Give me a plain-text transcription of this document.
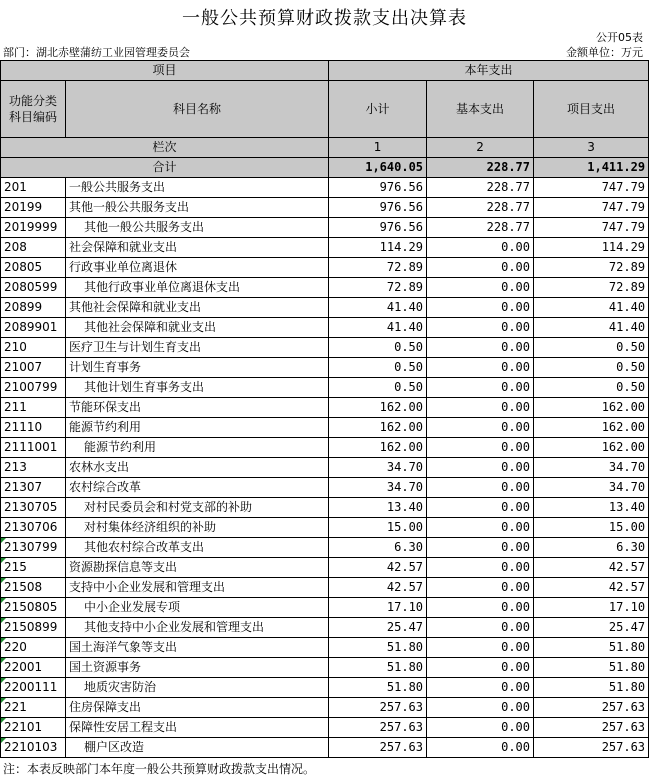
一般公共预算财政拨款支出决算表
公开05表
部门：湖北赤壁蒲纺工业园管理委员会	金额单位：万元
项目		本年支出		
功能分类
科目编码	科目名称	小计	基本支出	项目支出
栏次		1	2	3
合计		1,640.05	228.77	1,411.29
201	一般公共服务支出	976.56	228.77	747.79
20199	其他一般公共服务支出	976.56	228.77	747.79
2019999	其他一般公共服务支出	976.56	228.77	747.79
208	社会保障和就业支出	114.29	0.00	114.29
20805	行政事业单位离退休	72.89	0.00	72.89
2080599	其他行政事业单位离退休支出	72.89	0.00	72.89
20899	其他社会保障和就业支出	41.40	0.00	41.40
2089901	其他社会保障和就业支出	41.40	0.00	41.40
210	医疗卫生与计划生育支出	0.50	0.00	0.50
21007	计划生育事务	0.50	0.00	0.50
2100799	其他计划生育事务支出	0.50	0.00	0.50
211	节能环保支出	162.00	0.00	162.00
21110	能源节约利用	162.00	0.00	162.00
2111001	能源节约利用	162.00	0.00	162.00
213	农林水支出	34.70	0.00	34.70
21307	农村综合改革	34.70	0.00	34.70
2130705	对村民委员会和村党支部的补助	13.40	0.00	13.40
2130706	对村集体经济组织的补助	15.00	0.00	15.00
2130799	其他农村综合改革支出	6.30	0.00	6.30
215	资源勘探信息等支出	42.57	0.00	42.57
21508	支持中小企业发展和管理支出	42.57	0.00	42.57
2150805	中小企业发展专项	17.10	0.00	17.10
2150899	其他支持中小企业发展和管理支出	25.47	0.00	25.47
220	国土海洋气象等支出	51.80	0.00	51.80
22001	国土资源事务	51.80	0.00	51.80
2200111	地质灾害防治	51.80	0.00	51.80
221	住房保障支出	257.63	0.00	257.63
22101	保障性安居工程支出	257.63	0.00	257.63
2210103	棚户区改造	257.63	0.00	257.63
注：本表反映部门本年度一般公共预算财政拨款支出情况。
